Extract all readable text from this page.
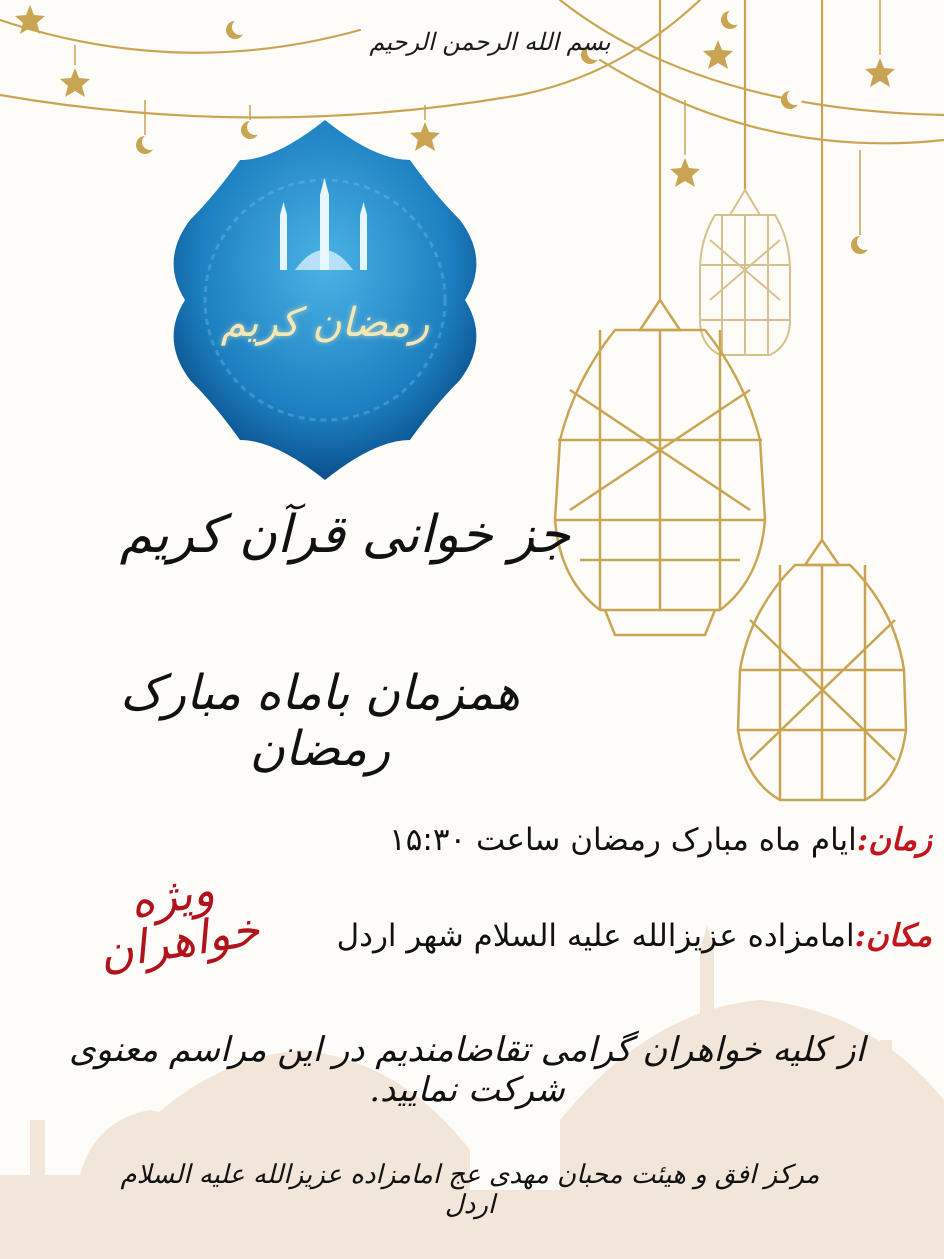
بسم الله الرحمن الرحیم
رمضان کریم
جز خوانی قرآن کریم
همزمان باماه مبارک رمضان
زمان:ایام ماه مبارک رمضان ساعت ۱۵:۳۰
ویژه خواهران	مکان:امامزاده عزیزالله علیه السلام شهر اردل
از کلیه خواهران گرامی تقاضامندیم در این مراسم معنوی شرکت نمایید.
مرکز افق و هیئت محبان مهدی عج امامزاده عزیزالله علیه السلام اردل
